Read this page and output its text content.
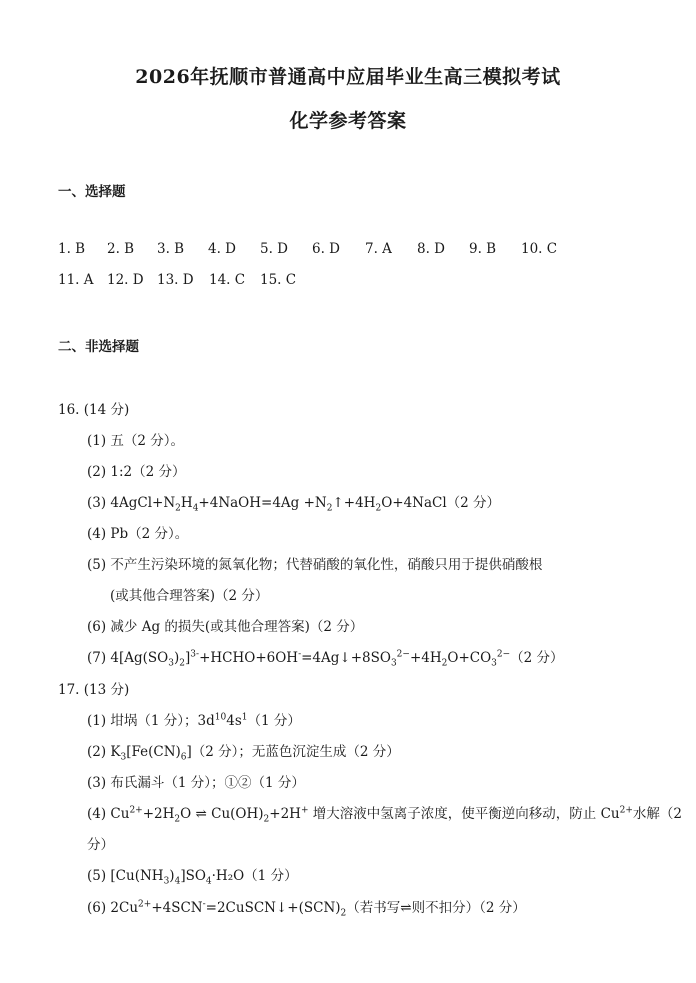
2026年抚顺市普通高中应届毕业生高三模拟考试
化学参考答案
一、选择题
1. B 2. B 3. B 4. D 5. D 6. D 7. A 8. D 9. B 10. C
11. A 12. D 13. D 14. C 15. C
二、非选择题
16. (14 分)
(1) 五（2 分）。
(2) 1:2（2 分）
(3) $4AgCl+N_2H_4+4NaOH=4Ag$ $+N_2↑+4H_2O+4NaCl(2$ 分）
(4) Pb（2 分）。
(5) 不产生污染环境的氮氧化物；代替硝酸的氧化性，硝酸只用于提供硝酸根
(或其他合理答案)（2 分）
(6) 减少 Ag 的损失(或其他合理答案)（2 分）
(7) $4[Ag(SO_3)_2]^{3-}+HCHO+6OH^-=4Ag↓+8SO_3^{2-}+4H_2O+CO_3^{2-}(2$ 分）
17. (13 分)
(1) 坩埚（1 分）；$3d^{10}4s^1(1$ 分）
(2) $K_3[Fe(CN)_6](2$ 分）；无蓝色沉淀生成（2 分）
(3) 布氏漏斗（1 分）；①②（1 分）
(4) $Cu^{2+}+2H_2O$ ⇌ $Cu(OH)_2+2H^+$ 增大溶液中氢离子浓度，使平衡逆向移动，防止 $Cu^{2+}$水解（2
分）
(5) $[Cu(NH_3)_4]SO_4\cdot H_2O(1$ 分）
(6) $2Cu^{2+}+4SCN^-=2CuSCN↓+(SCN)_2$（若书写⇌则不扣分）（2 分）
